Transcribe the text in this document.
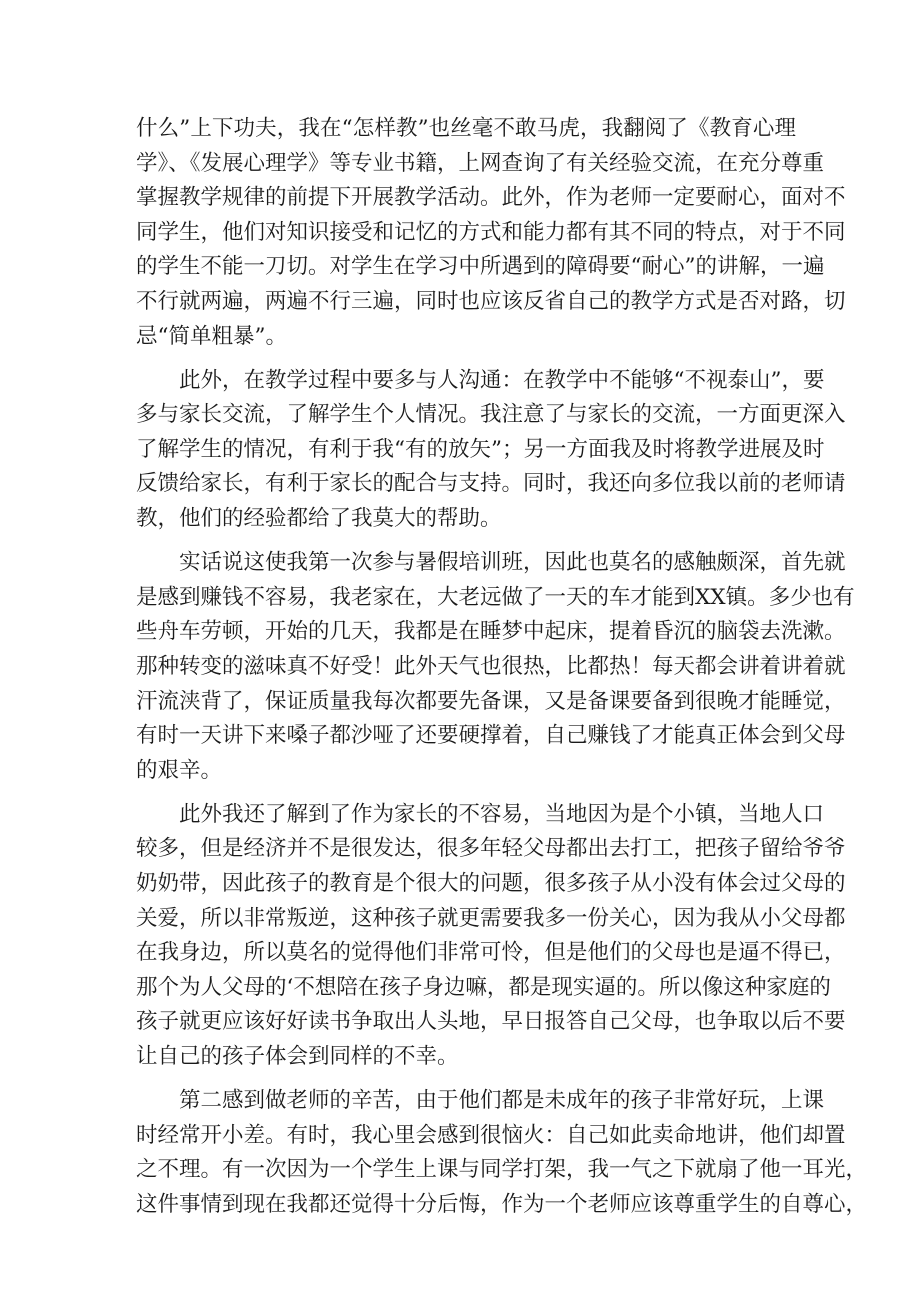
什么”上下功夫，我在“怎样教”也丝毫不敢马虎，我翻阅了《教育心理
学》、《发展心理学》等专业书籍，上网查询了有关经验交流，在充分尊重
掌握教学规律的前提下开展教学活动。此外，作为老师一定要耐心，面对不
同学生，他们对知识接受和记忆的方式和能力都有其不同的特点，对于不同
的学生不能一刀切。对学生在学习中所遇到的障碍要“耐心”的讲解，一遍
不行就两遍，两遍不行三遍，同时也应该反省自己的教学方式是否对路，切
忌“简单粗暴”。
此外，在教学过程中要多与人沟通：在教学中不能够“不视泰山”，要
多与家长交流，了解学生个人情况。我注意了与家长的交流，一方面更深入
了解学生的情况，有利于我“有的放矢”；另一方面我及时将教学进展及时
反馈给家长，有利于家长的配合与支持。同时，我还向多位我以前的老师请
教，他们的经验都给了我莫大的帮助。
实话说这使我第一次参与暑假培训班，因此也莫名的感触颇深，首先就
是感到赚钱不容易，我老家在，大老远做了一天的车才能到XX镇。多少也有
些舟车劳顿，开始的几天，我都是在睡梦中起床，提着昏沉的脑袋去洗漱。
那种转变的滋味真不好受！此外天气也很热，比都热！每天都会讲着讲着就
汗流浃背了，保证质量我每次都要先备课，又是备课要备到很晚才能睡觉，
有时一天讲下来嗓子都沙哑了还要硬撑着，自己赚钱了才能真正体会到父母
的艰辛。
此外我还了解到了作为家长的不容易，当地因为是个小镇，当地人口
较多，但是经济并不是很发达，很多年轻父母都出去打工，把孩子留给爷爷
奶奶带，因此孩子的教育是个很大的问题，很多孩子从小没有体会过父母的
关爱，所以非常叛逆，这种孩子就更需要我多一份关心，因为我从小父母都
在我身边，所以莫名的觉得他们非常可怜，但是他们的父母也是逼不得已，
那个为人父母的‘不想陪在孩子身边嘛，都是现实逼的。所以像这种家庭的
孩子就更应该好好读书争取出人头地，早日报答自己父母，也争取以后不要
让自己的孩子体会到同样的不幸。
第二感到做老师的辛苦，由于他们都是未成年的孩子非常好玩，上课
时经常开小差。有时，我心里会感到很恼火：自己如此卖命地讲，他们却置
之不理。有一次因为一个学生上课与同学打架，我一气之下就扇了他一耳光，
这件事情到现在我都还觉得十分后悔，作为一个老师应该尊重学生的自尊心，
